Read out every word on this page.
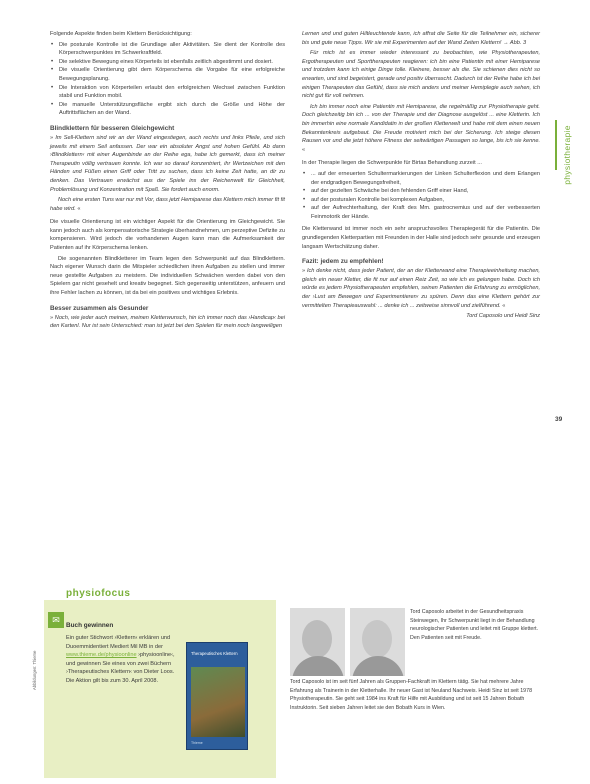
Folgende Aspekte finden beim Klettern Berücksichtigung:

• Die posturale Kontrolle ist die Grundlage aller Aktivitäten. Sie dient der Kontrolle des Körperschwerpunktes im Schwerkraftfeld.
• Die selektive Bewegung eines Körperteils ist ebenfalls zeitlich abgestimmt und dosiert.
• Die visuelle Orientierung gibt dem Körperschema die Vorgabe für eine erfolgreiche Bewegungsplanung.
• Die Interaktion von Körperteilen erlaubt den erfolgreichen Wechsel zwischen Funktion stabil und Funktion mobil.
• Die manuelle Unterstützungsfläche ergibt sich durch die Größe und Höhe der Auftrittsflächen an der Wand.
Blindklettern für besseren Gleichgewicht

» Im Sell-Klettern sind wir an der Wand eingestiegen, auch rechts und links Pfeile, und sich jeweils mit einem Seil anfassen. Der war ein absoluter Angst und hohen Gefühl. Ab dann ›Blindklettern‹ mit einer Augenbinde an der Reihe ega, habe ich gemerkt, dass ich meiner Therapeutin völlig vertrauen konnte. Ich war so darauf konzentriert, ihr Wertzeichen mit den Händen und Füßen einen Griff oder Tritt zu suchen, dass ich keine Zeit hatte, an dir zu denken. Das Vertrauen erwächst aus der Spiele ins der Reichenwelt für Gleichheit, Problemlösung und Konzentration mit Spaß. Sie fordert auch enorm.

Noch eine ersten Tuns war nur mit Vor, dass jetzt Hemiparese das Klettern mich immer fit fit habe wird. «

Die visuelle Orientierung ist ein wichtiger Aspekt für die Orientierung im Gleichgewicht. Sie kann jedoch auch als kompensatorische Strategie überhandnehmen, um perzeptive Defizite zu kompensieren. Wird jedoch die vorhandenen Augen kann man die Aufmerksamkeit der Patienten auf ihr Körperschema lenken.

Die sogenannten Blindkletterer im Team legen den Schwerpunkt auf das Blindklettern. Nach eigener Wunsch darin die Mitspieler schiedlichen ihren Aufgaben zu stellen und immer neue gestellte Aufgaben zu meistern. Die individuellen Schwächen werden dabei von den Spielern gar nicht gesehelt und kreativ begegnet. Sich gegenseitig unterstützen, anfeuern und ihre Fehler lachen zu können, ist da bei ein positives und wichtiges Erlebnis.

Besser zusammen als Gesunder

» Noch, wie jeder auch meinen, meinen Kletterwunsch, hin ich immer noch das ›Handicap‹ bei den Kartenl. Nur ist sein Unterschied: man ist jetzt bei den Spielen für mein noch langweiligen

Lernen und und guten Hiltleuchtende kann, ich affrat die Seite für die Teilnehmer ein, sicherer bis und gute neue Tipps. Wir sie mit Experimenten auf der Wand Zeiten Klettern! → Abb. 3

Für mich ist es immer wieder interessant zu beobachten, wie Physiotherapeuten, Ergotherapeuten und Sporttherapeuten reagieren: ich bin eine Patientin mit einer Hemiparese und trotzdem kann ich einige Dinge tolle. Kleinere, besser als die. Sie schienen dies nicht so erwarten, und sind begeistert, gerade und positiv überrascht. Dadurch ist der Reihe habe ich bei einigen Therapeuten das Gefühl, dass sie mich anders und meiner Hemiplegie auch sehen, ich nicht gut für voll nehmen.

Ich bin immer noch eine Patientin mit Hemiparese, die regelmäßig zur Physiotherapie geht. Doch gleichzeitig bin ich ... von der Therapie und der Diagnose ausgelöst ... eine Kletterin. Ich bin immerhin eine normale Kandidatin in der großen Kletterwelt und habe mit dem einen neuen Bekanntenkreis aufgebaut. Die Freude motiviert mich bei der Sicherung. Ich steige diesen Rausen vor und die jetzt höhere Fitness der seitwärtigen Passagen so lange, bis ich sie kenne. «

In der Therapie liegen die Schwerpunkte für Birtas Behandlung zurzeit ...

• ... auf der erneuerten Schultermarkierungen der Linken Schulterflexion und dem Erlangen der endgradigen Bewegungsfreiheit,
• auf der gezielten Schwäche bei den fehlenden Griff einer Hand,
• auf der posturalen Kontrolle bei komplexen Aufgaben,
• auf der Aufrechterhaltung, der Kraft des Mm. gastrocnemius und auf der verbesserten Feinmotorik der Hände.

Die Kletterwand ist immer noch ein sehr anspruchsvolles Therapiegerät für die Patientin. Die grundlegenden Kletterpartien mit Freunden in der Halle sind jedoch sehr gesunde und erzeugen langsam Wertschätzung daher.

Fazit: jedem zu empfehlen!

» Ich denke nicht, dass jeder Patient, der an der Kletterwand eine Therapieeinheitung machen, gleich ein neuer Kletter, die fit nur auf einen Reiz Zeit, so wie ich es gelungen habe. Doch ich würde es jedem Physiotherapeuten empfehlen, seinen Patienten die Erfahrung zu ermöglichen, der ›Lust am Bewegen und Experimentieren‹ zu spüren. Denn das eine Klettern gehört zur vermittelten Therapieauswahl: ... denke ich ... zeitweise sinnvoll und zielführend. «

Tord Caposolo und Heidi Sinz

physiotherapie
39
Abbildungen: Thieme
physiofocus
✉
Buch gewinnen
Ein guter Stichwort ›Klettern‹ erklären und Duoemmidentiert Mediert Mil MB in der www.thieme.de/physioonline ›physioonline‹, und gewinnen Sie eines von zwei Büchern ›Therapeutisches Klettern‹ von Dieter Loos. Die Aktion gilt bis zum 30. April 2008.
Therapeutisches Klettern
Thieme
Tord Caposolo arbeitet in der Gesundheitspraxis Steinwegen, Ihr Schwerpunkt liegt in der Behandlung neurologischer Patienten und leitet mit Gruppe klettert. Den Patienten seit mit Freude.
Tord Caposolo ist im seit fünf Jahren als Gruppen-Fachkraft im Klettern tätig. Sie hat mehrere Jahre Erfahrung als Trainerin in der Kletterhalle. Ihr neuer Gast ist Neuland Nachweis. Heidi Sinz ist seit 1978 Physiotherapeutin. Sie geht seit 1984 ins Kraft für Hilfe mit Ausbildung und ist seit 15 Jahren Bobath Instruktorin. Seit sieben Jahren leitet sie den Bobath Kurs in Wien.
